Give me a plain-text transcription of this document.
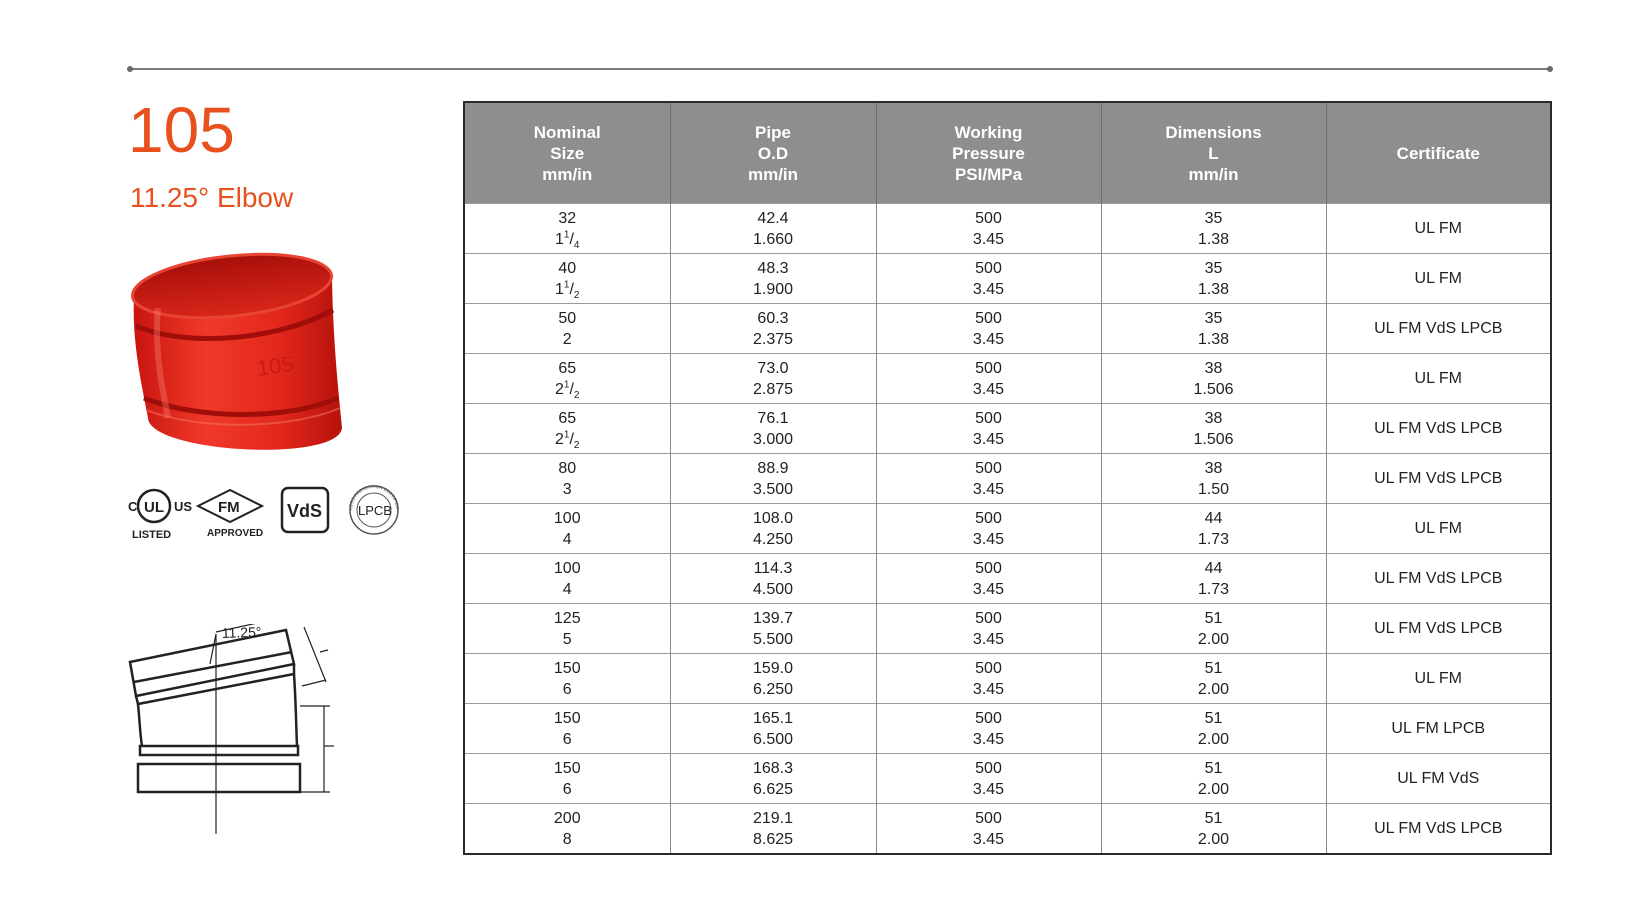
105
11.25° Elbow
105
C UL US
LISTED
FM
APPROVED
VdS	LPCB
LOSS PREVENTION CERTIFICA
11.25°
Nominal
Size
mm/in	Pipe
O.D
mm/in	Working
Pressure
PSI/MPa	Dimensions
L
mm/in	Certificate

32
$1^1/_4$	42.4
1.660	500
3.45	35
1.38	UL FM

40
$1^1/_2$	48.3
1.900	500
3.45	35
1.38	UL FM

50
2	60.3
2.375	500
3.45	35
1.38	UL FM VdS LPCB

65
$2^1/_2$	73.0
2.875	500
3.45	38
1.506	UL FM

65
$2^1/_2$	76.1
3.000	500
3.45	38
1.506	UL FM VdS LPCB

80
3	88.9
3.500	500
3.45	38
1.50	UL FM VdS LPCB

100
4	108.0
4.250	500
3.45	44
1.73	UL FM

100
4	114.3
4.500	500
3.45	44
1.73	UL FM VdS LPCB

125
5	139.7
5.500	500
3.45	51
2.00	UL FM VdS LPCB

150
6	159.0
6.250	500
3.45	51
2.00	UL FM

150
6	165.1
6.500	500
3.45	51
2.00	UL FM LPCB

150
6	168.3
6.625	500
3.45	51
2.00	UL FM VdS

200
8	219.1
8.625	500
3.45	51
2.00	UL FM VdS LPCB
